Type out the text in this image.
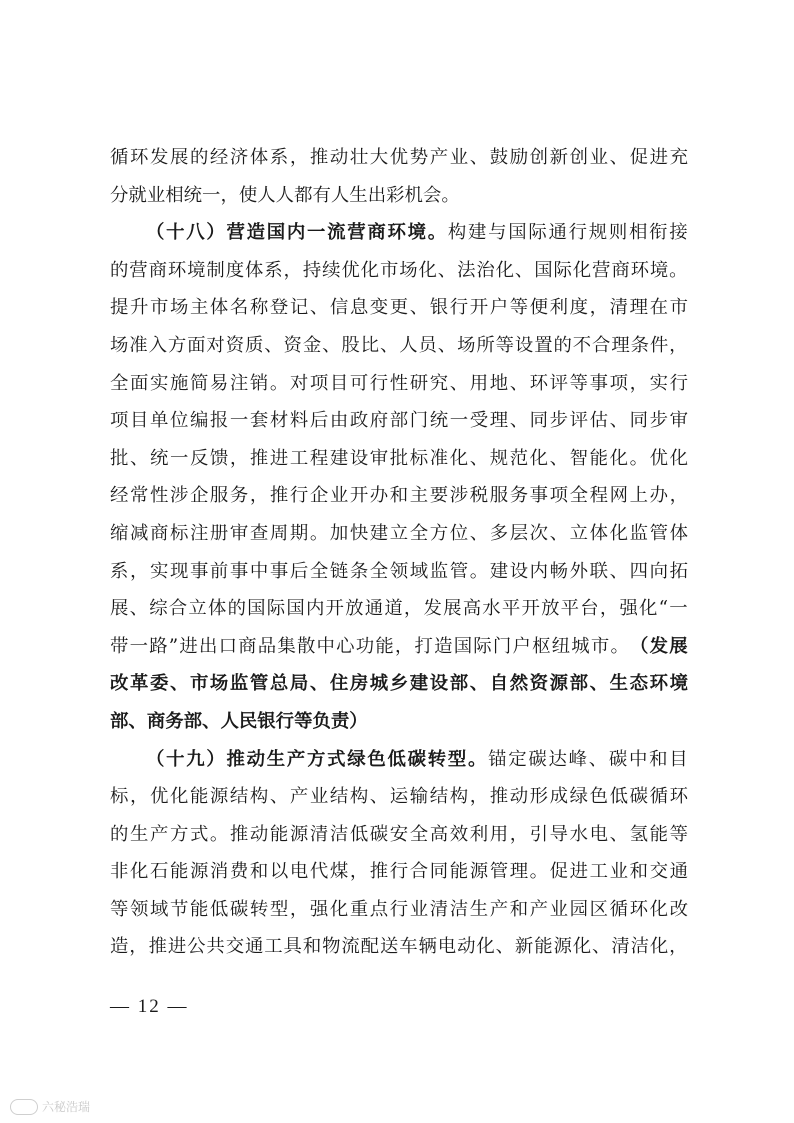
循 环 发 展 的 经 济 体 系 ， 推 动 壮 大 优 势 产 业 、 鼓 励 创 新 创 业 、 促 进 充
分 就 业 相 统 一 ， 使 人 人 都 有 人 生 出 彩 机 会 。
（ 十 八 ） 营 造 国 内 一 流 营 商 环 境 。 构 建 与 国 际 通 行 规 则 相 衔 接
的 营 商 环 境 制 度 体 系 ， 持 续 优 化 市 场 化 、 法 治 化 、 国 际 化 营 商 环 境 。
提 升 市 场 主 体 名 称 登 记 、 信 息 变 更 、 银 行 开 户 等 便 利 度 ， 清 理 在 市
场 准 入 方 面 对 资 质 、 资 金 、 股 比 、 人 员 、 场 所 等 设 置 的 不 合 理 条 件 ，
全 面 实 施 简 易 注 销 。 对 项 目 可 行 性 研 究 、 用 地 、 环 评 等 事 项 ， 实 行
项 目 单 位 编 报 一 套 材 料 后 由 政 府 部 门 统 一 受 理 、 同 步 评 估 、 同 步 审
批 、 统 一 反 馈 ， 推 进 工 程 建 设 审 批 标 准 化 、 规 范 化 、 智 能 化 。 优 化
经 常 性 涉 企 服 务 ， 推 行 企 业 开 办 和 主 要 涉 税 服 务 事 项 全 程 网 上 办 ，
缩 减 商 标 注 册 审 查 周 期 。 加 快 建 立 全 方 位 、 多 层 次 、 立 体 化 监 管 体
系 ， 实 现 事 前 事 中 事 后 全 链 条 全 领 域 监 管 。 建 设 内 畅 外 联 、 四 向 拓
展 、 综 合 立 体 的 国 际 国 内 开 放 通 道 ， 发 展 高 水 平 开 放 平 台 ， 强 化 “ 一
带 一 路 ” 进 出 口 商 品 集 散 中 心 功 能 ， 打 造 国 际 门 户 枢 纽 城 市 。 （ 发 展
改 革 委 、 市 场 监 管 总 局 、 住 房 城 乡 建 设 部 、 自 然 资 源 部 、 生 态 环 境
部 、 商 务 部 、 人 民 银 行 等 负 责 ）
（ 十 九 ） 推 动 生 产 方 式 绿 色 低 碳 转 型 。 锚 定 碳 达 峰 、 碳 中 和 目
标 ， 优 化 能 源 结 构 、 产 业 结 构 、 运 输 结 构 ， 推 动 形 成 绿 色 低 碳 循 环
的 生 产 方 式 。 推 动 能 源 清 洁 低 碳 安 全 高 效 利 用 ， 引 导 水 电 、 氢 能 等
非 化 石 能 源 消 费 和 以 电 代 煤 ， 推 行 合 同 能 源 管 理 。 促 进 工 业 和 交 通
等 领 域 节 能 低 碳 转 型 ， 强 化 重 点 行 业 清 洁 生 产 和 产 业 园 区 循 环 化 改
造 ， 推 进 公 共 交 通 工 具 和 物 流 配 送 车 辆 电 动 化 、 新 能 源 化 、 清 洁 化 ，
— 12 —
六秘浩瑞
